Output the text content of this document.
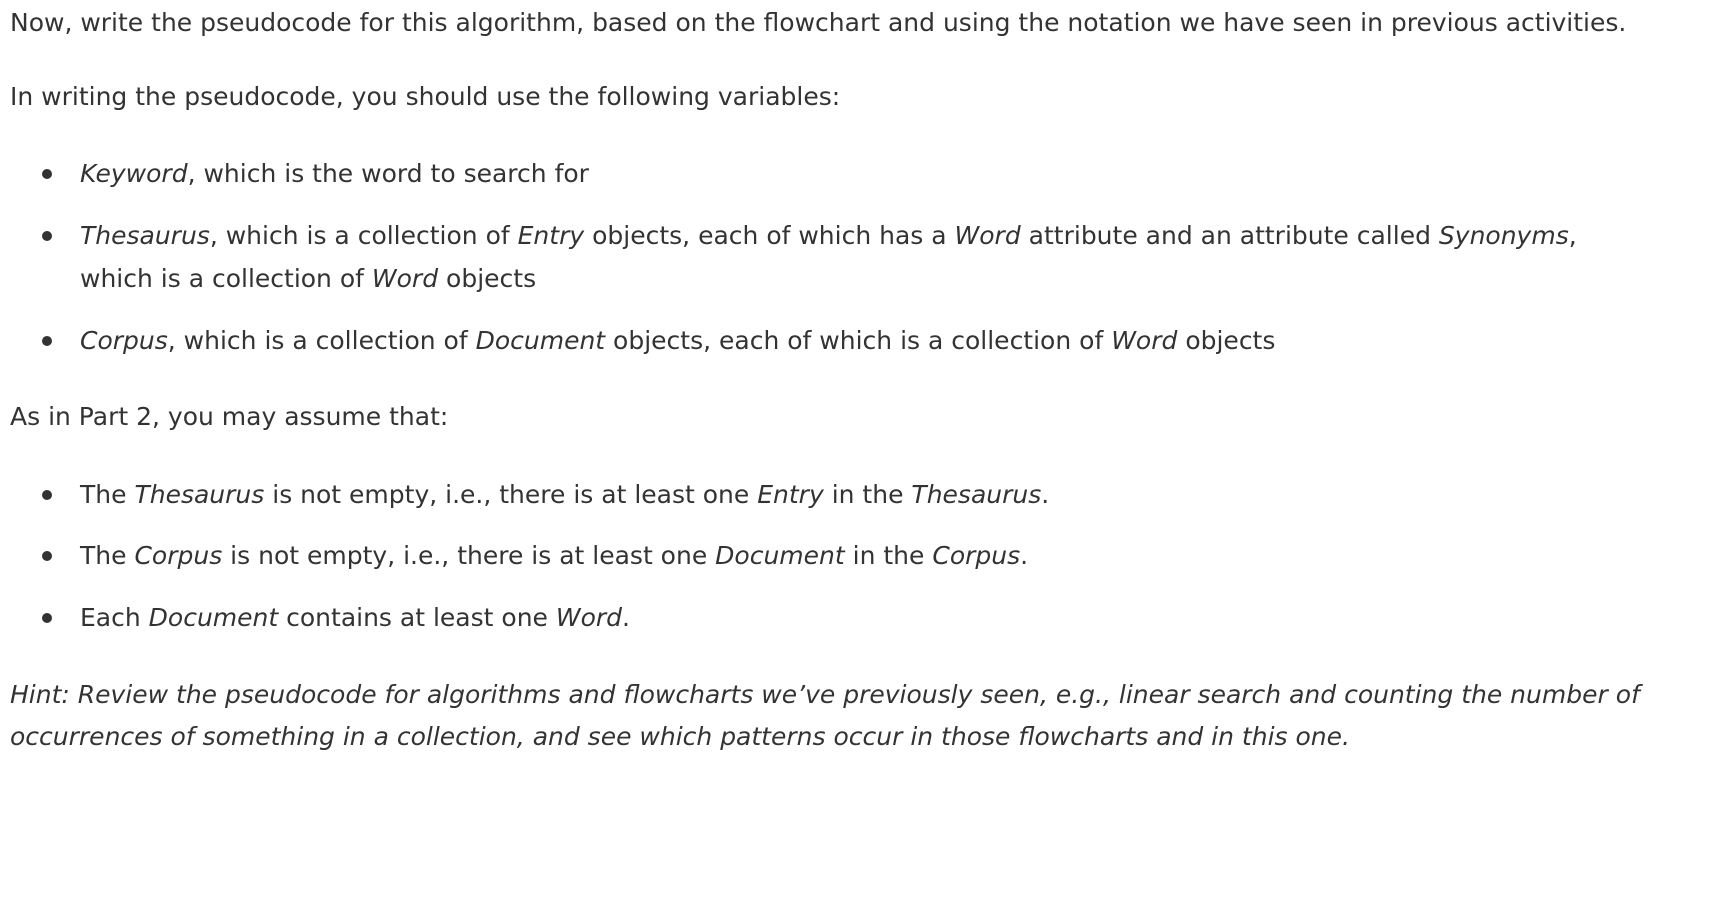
Now, write the pseudocode for this algorithm, based on the flowchart and using the notation we have seen in previous activities.

In writing the pseudocode, you should use the following variables:

Keyword, which is the word to search for
Thesaurus, which is a collection of Entry objects, each of which has a Word attribute and an attribute called Synonyms, which is a collection of Word objects
Corpus, which is a collection of Document objects, each of which is a collection of Word objects

As in Part 2, you may assume that:

The Thesaurus is not empty, i.e., there is at least one Entry in the Thesaurus.
The Corpus is not empty, i.e., there is at least one Document in the Corpus.
Each Document contains at least one Word.

Hint: Review the pseudocode for algorithms and flowcharts we’ve previously seen, e.g., linear search and counting the number of occurrences of something in a collection, and see which patterns occur in those flowcharts and in this one.
